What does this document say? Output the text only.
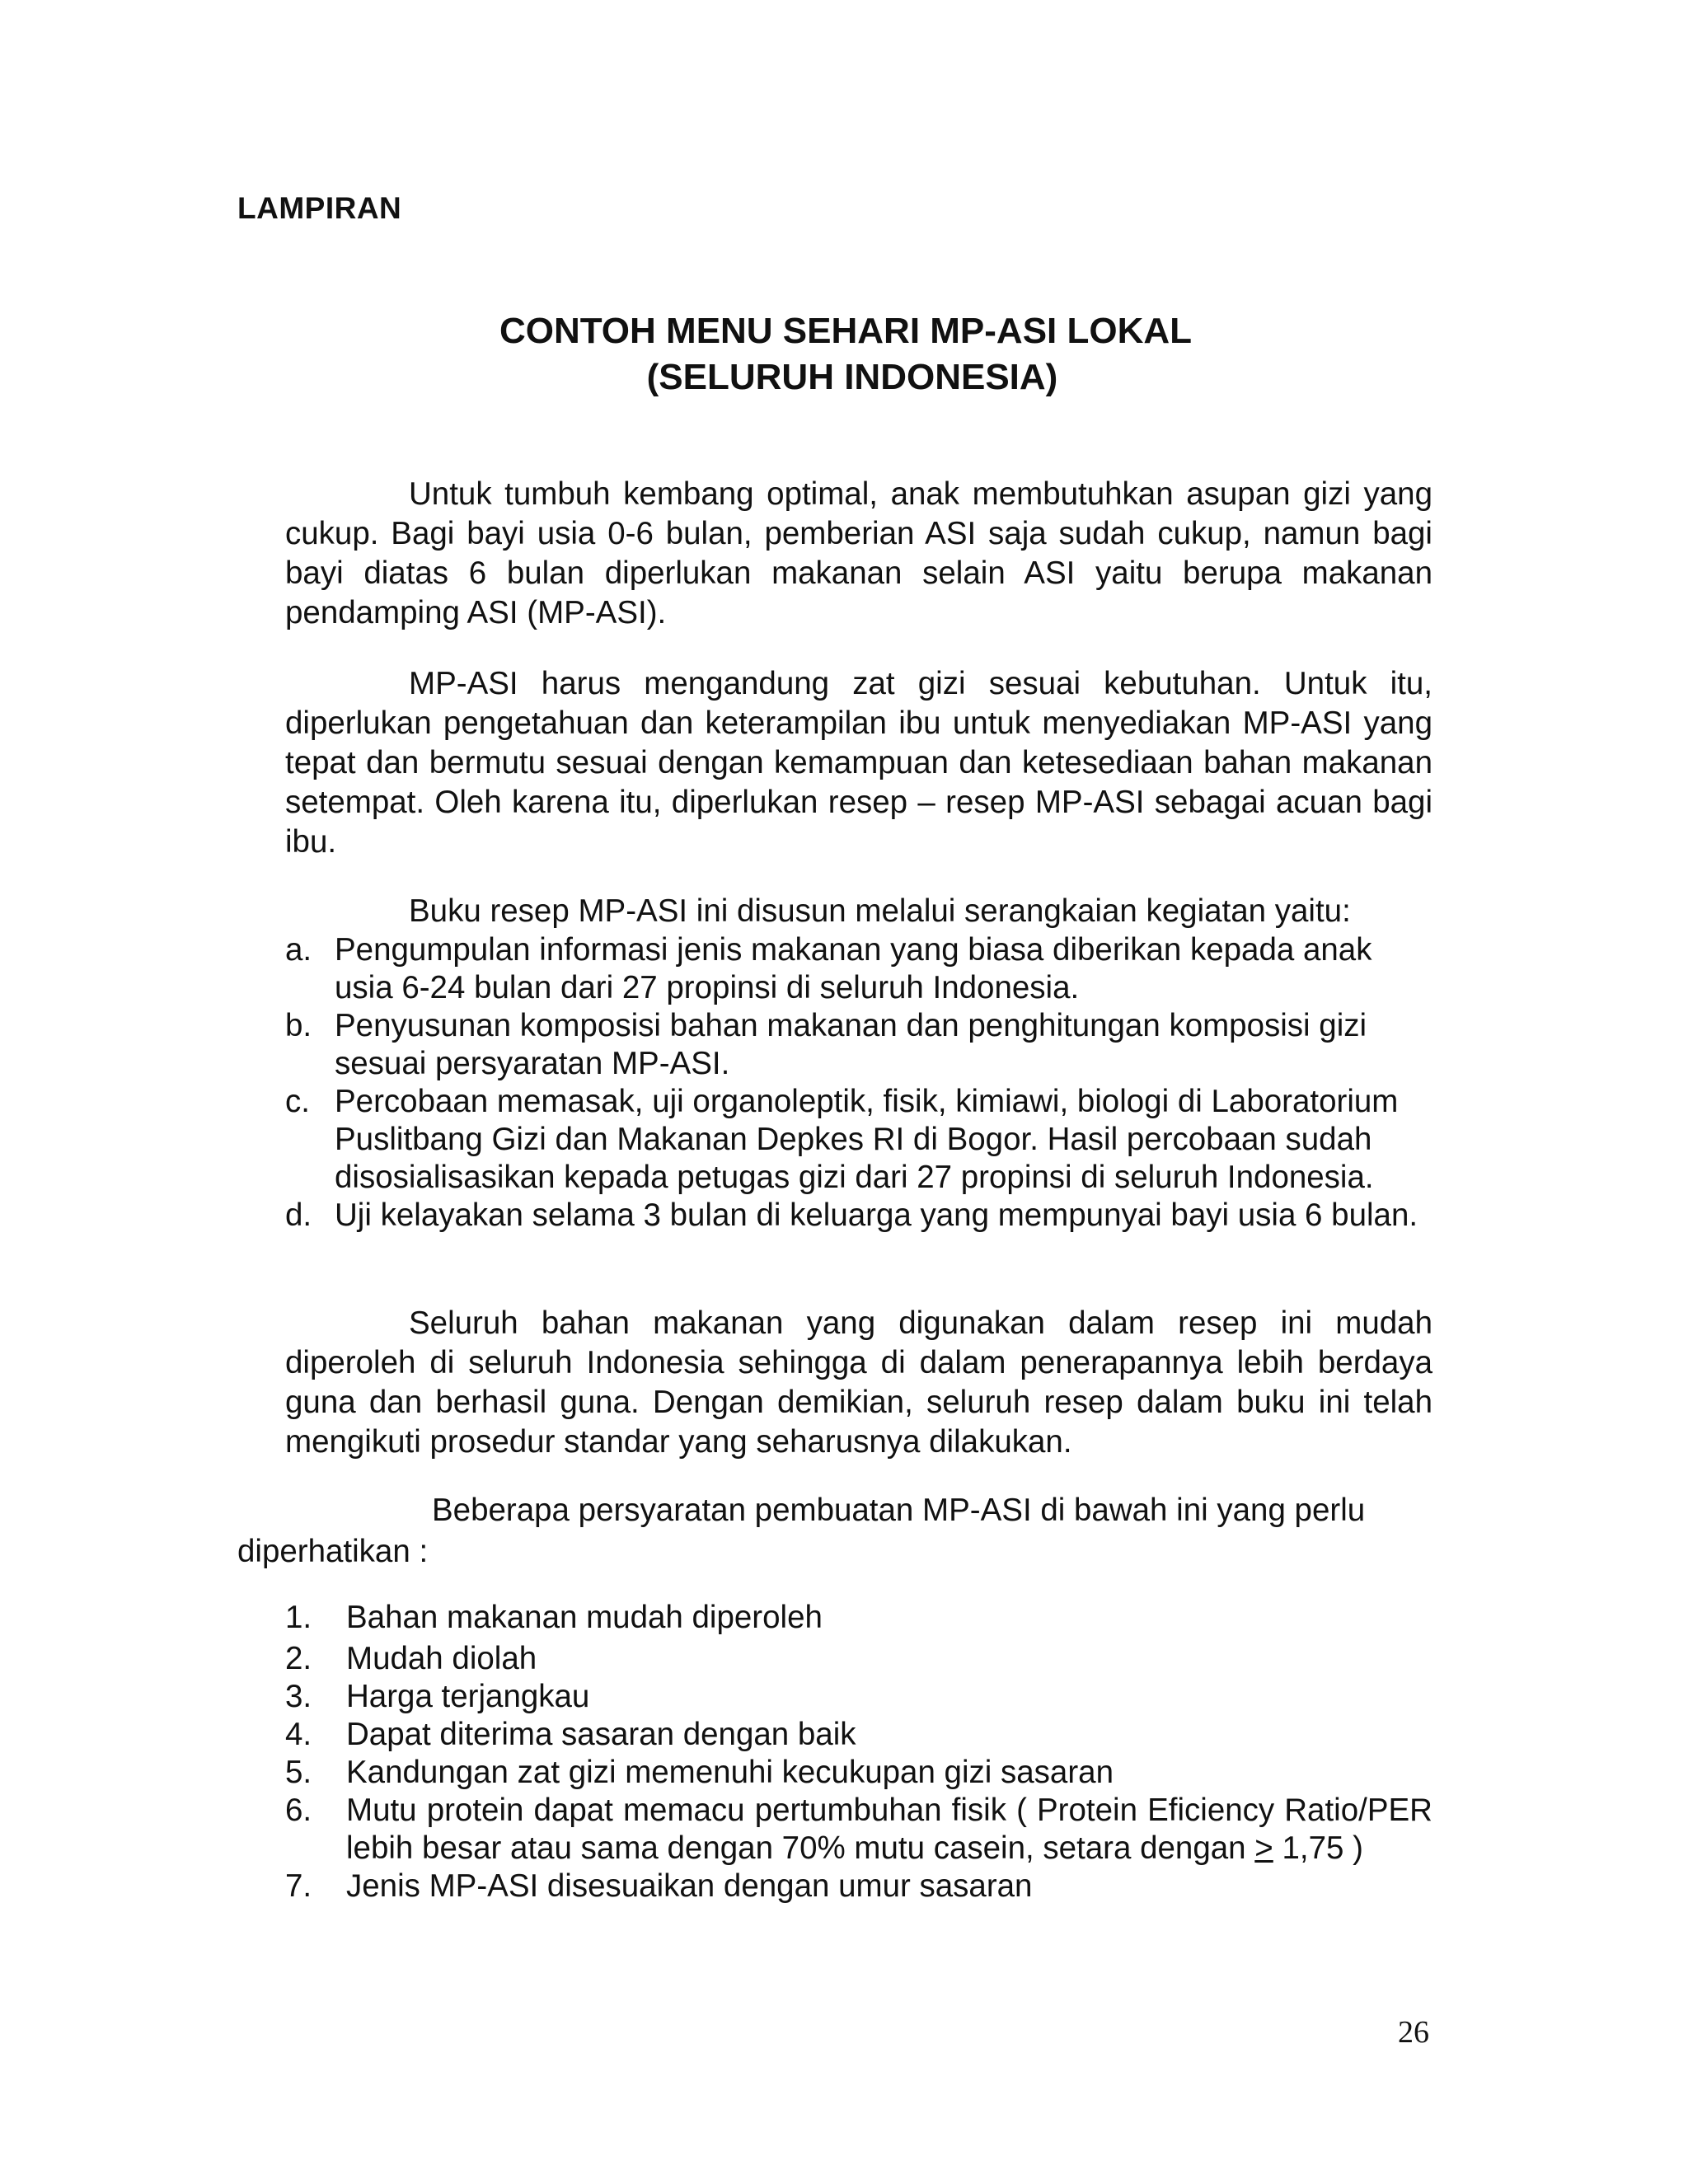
LAMPIRAN
CONTOH MENU SEHARI MP-ASI LOKAL
(SELURUH INDONESIA)

Untuk tumbuh kembang optimal, anak membutuhkan asupan gizi yang cukup. Bagi bayi usia 0-6 bulan, pemberian ASI saja sudah cukup, namun bagi bayi diatas 6 bulan diperlukan makanan selain ASI yaitu berupa makanan pendamping ASI (MP-ASI).

MP-ASI harus mengandung zat gizi sesuai kebutuhan. Untuk itu, diperlukan pengetahuan dan keterampilan ibu untuk menyediakan MP-ASI yang tepat dan bermutu sesuai dengan kemampuan dan ketesediaan bahan makanan setempat. Oleh karena itu, diperlukan resep – resep MP-ASI sebagai acuan bagi ibu.

Buku resep MP-ASI ini disusun melalui serangkaian kegiatan yaitu:

a. Pengumpulan informasi jenis makanan yang biasa diberikan kepada anak usia 6-24 bulan dari 27 propinsi di seluruh Indonesia.
b. Penyusunan komposisi bahan makanan dan penghitungan komposisi gizi sesuai persyaratan MP-ASI.
c. Percobaan memasak, uji organoleptik, fisik, kimiawi, biologi di Laboratorium Puslitbang Gizi dan Makanan Depkes RI di Bogor. Hasil percobaan sudah disosialisasikan kepada petugas gizi dari 27 propinsi di seluruh Indonesia.
d. Uji kelayakan selama 3 bulan di keluarga yang mempunyai bayi usia 6 bulan.

Seluruh bahan makanan yang digunakan dalam resep ini mudah diperoleh di seluruh Indonesia sehingga di dalam penerapannya lebih berdaya guna dan berhasil guna. Dengan demikian, seluruh resep dalam buku ini telah mengikuti prosedur standar yang seharusnya dilakukan.

Beberapa persyaratan pembuatan MP-ASI di bawah ini yang perlu
diperhatikan :
1. Bahan makanan mudah diperoleh
2. Mudah diolah
3. Harga terjangkau
4. Dapat diterima sasaran dengan baik
5. Kandungan zat gizi memenuhi kecukupan gizi sasaran
6. Mutu protein dapat memacu pertumbuhan fisik ( Protein Eficiency Ratio/PER lebih besar atau sama dengan 70% mutu casein, setara dengan ≥ 1,75 )
7. Jenis MP-ASI disesuaikan dengan umur sasaran
26
